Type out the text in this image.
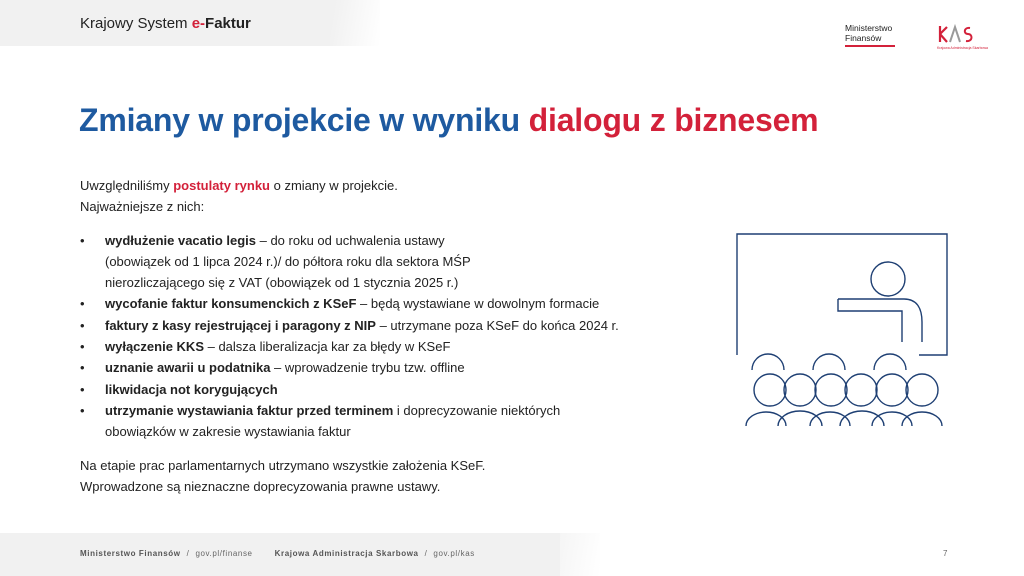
Krajowy System e-Faktur	Ministerstwo
Finansów
Krajowa Administracja Skarbowa
Zmiany w projekcie w wyniku dialogu z biznesem

Uwzględniliśmy postulaty rynku o zmiany w projekcie.
Najważniejsze z nich:

• wydłużenie vacatio legis – do roku od uchwalenia ustawy
(obowiązek od 1 lipca 2024 r.)/ do półtora roku dla sektora MŚP
nierozliczającego się z VAT (obowiązek od 1 stycznia 2025 r.)
• wycofanie faktur konsumenckich z KSeF – będą wystawiane w dowolnym formacie
• faktury z kasy rejestrującej i paragony z NIP – utrzymane poza KSeF do końca 2024 r.
• wyłączenie KKS – dalsza liberalizacja kar za błędy w KSeF
• uznanie awarii u podatnika – wprowadzenie trybu tzw. offline
• likwidacja not korygujących
• utrzymanie wystawiania faktur przed terminem i doprecyzowanie niektórych
obowiązków w zakresie wystawiania faktur

Na etapie prac parlamentarnych utrzymano wszystkie założenia KSeF.
Wprowadzone są nieznaczne doprecyzowania prawne ustawy.

Ministerstwo Finansów / gov.pl/finanse	Krajowa Administracja Skarbowa / gov.pl/kas	7
